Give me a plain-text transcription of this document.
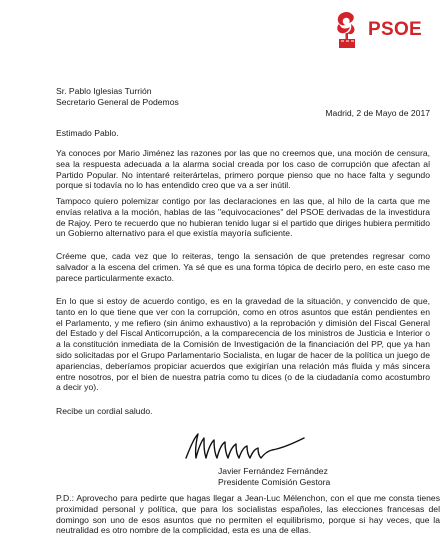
PSOE
Sr. Pablo Iglesias Turrión
Secretario General de Podemos
Madrid, 2 de Mayo de 2017
Estimado Pablo.
Ya conoces por Mario Jiménez las razones por las que no creemos que, una moción de censura, sea la respuesta adecuada a la alarma social creada por los caso de corrupción que afectan al Partido Popular. No intentaré reiterártelas, primero porque pienso que no hace falta y segundo porque si todavía no lo has entendido creo que va a ser inútil.
Tampoco quiero polemizar contigo por las declaraciones en las que, al hilo de la carta que me envías relativa a la moción, hablas de las "equivocaciones" del PSOE derivadas de la investidura de Rajoy. Pero te recuerdo que no hubieran tenido lugar si el partido que diriges hubiera permitido un Gobierno alternativo para el que existía mayoría suficiente.
Créeme que, cada vez que lo reiteras, tengo la sensación de que pretendes regresar como salvador a la escena del crimen. Ya sé que es una forma tópica de decirlo pero, en este caso me parece particularmente exacto.
En lo que si estoy de acuerdo contigo, es en la gravedad de la situación, y convencido de que, tanto en lo que tiene que ver con la corrupción, como en otros asuntos que están pendientes en el Parlamento, y me refiero (sin ánimo exhaustivo) a la reprobación y dimisión del Fiscal General del Estado y del Fiscal Anticorrupción, a la comparecencia de los ministros de Justicia e Interior o a la constitución inmediata de la Comisión de Investigación de la financiación del PP, que ya han sido solicitadas por el Grupo Parlamentario Socialista, en lugar de hacer de la política un juego de apariencias, deberíamos propiciar acuerdos que exigirían una relación más fluida y más sincera entre nosotros, por el bien de nuestra patria como tu dices (o de la ciudadanía como acostumbro a decir yo).
Recibe un cordial saludo.
Javier Fernández Fernández
Presidente Comisión Gestora
P.D.: Aprovecho para pedirte que hagas llegar a Jean-Luc Mélenchon, con el que me consta tienes proximidad personal y política, que para los socialistas españoles, las elecciones francesas del domingo son uno de esos asuntos que no permiten el equilibrismo, porque si hay veces, que la neutralidad es otro nombre de la complicidad, esta es una de ellas.
